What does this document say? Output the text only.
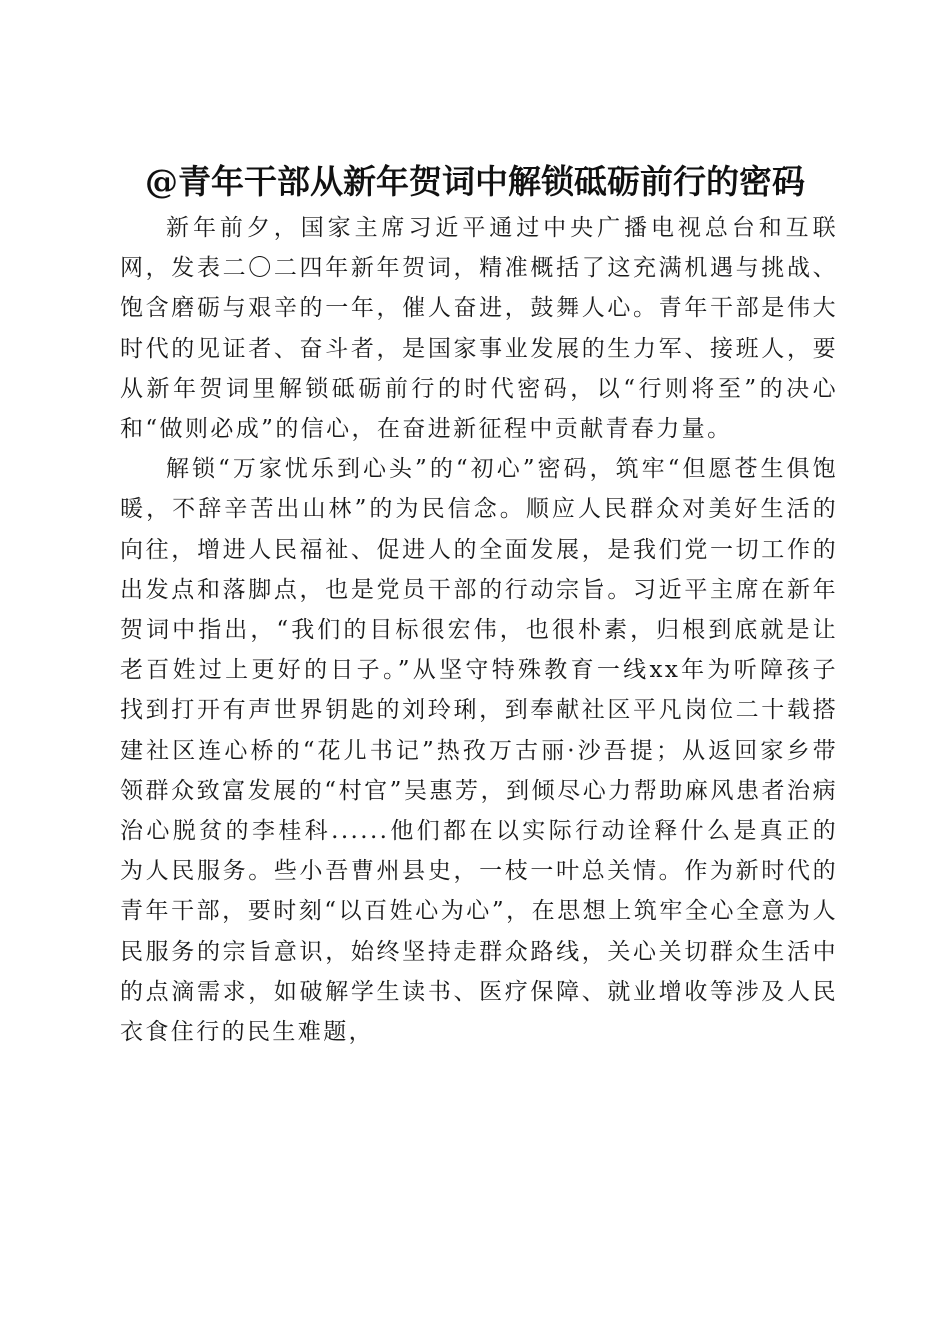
@青年干部从新年贺词中解锁砥砺前行的密码

新年前夕，国家主席习近平通过中央广播电视总台和互联网，发表二〇二四年新年贺词，精准概括了这充满机遇与挑战、饱含磨砺与艰辛的一年，催人奋进，鼓舞人心。青年干部是伟大时代的见证者、奋斗者，是国家事业发展的生力军、接班人，要从新年贺词里解锁砥砺前行的时代密码，以“行则将至”的决心和“做则必成”的信心，在奋进新征程中贡献青春力量。

解锁“万家忧乐到心头”的“初心”密码，筑牢“但愿苍生俱饱暖，不辞辛苦出山林”的为民信念。顺应人民群众对美好生活的向往，增进人民福祉、促进人的全面发展，是我们党一切工作的出发点和落脚点，也是党员干部的行动宗旨。习近平主席在新年贺词中指出，“我们的目标很宏伟，也很朴素，归根到底就是让老百姓过上更好的日子。”从坚守特殊教育一线xx年为听障孩子找到打开有声世界钥匙的刘玲琍，到奉献社区平凡岗位二十载搭建社区连心桥的“花儿书记”热孜万古丽·沙吾提；从返回家乡带领群众致富发展的“村官”吴惠芳，到倾尽心力帮助麻风患者治病治心脱贫的李桂科......他们都在以实际行动诠释什么是真正的为人民服务。些小吾曹州县史，一枝一叶总关情。作为新时代的青年干部，要时刻“以百姓心为心”，在思想上筑牢全心全意为人民服务的宗旨意识，始终坚持走群众路线，关心关切群众生活中的点滴需求，如破解学生读书、医疗保障、就业增收等涉及人民衣食住行的民生难题，
